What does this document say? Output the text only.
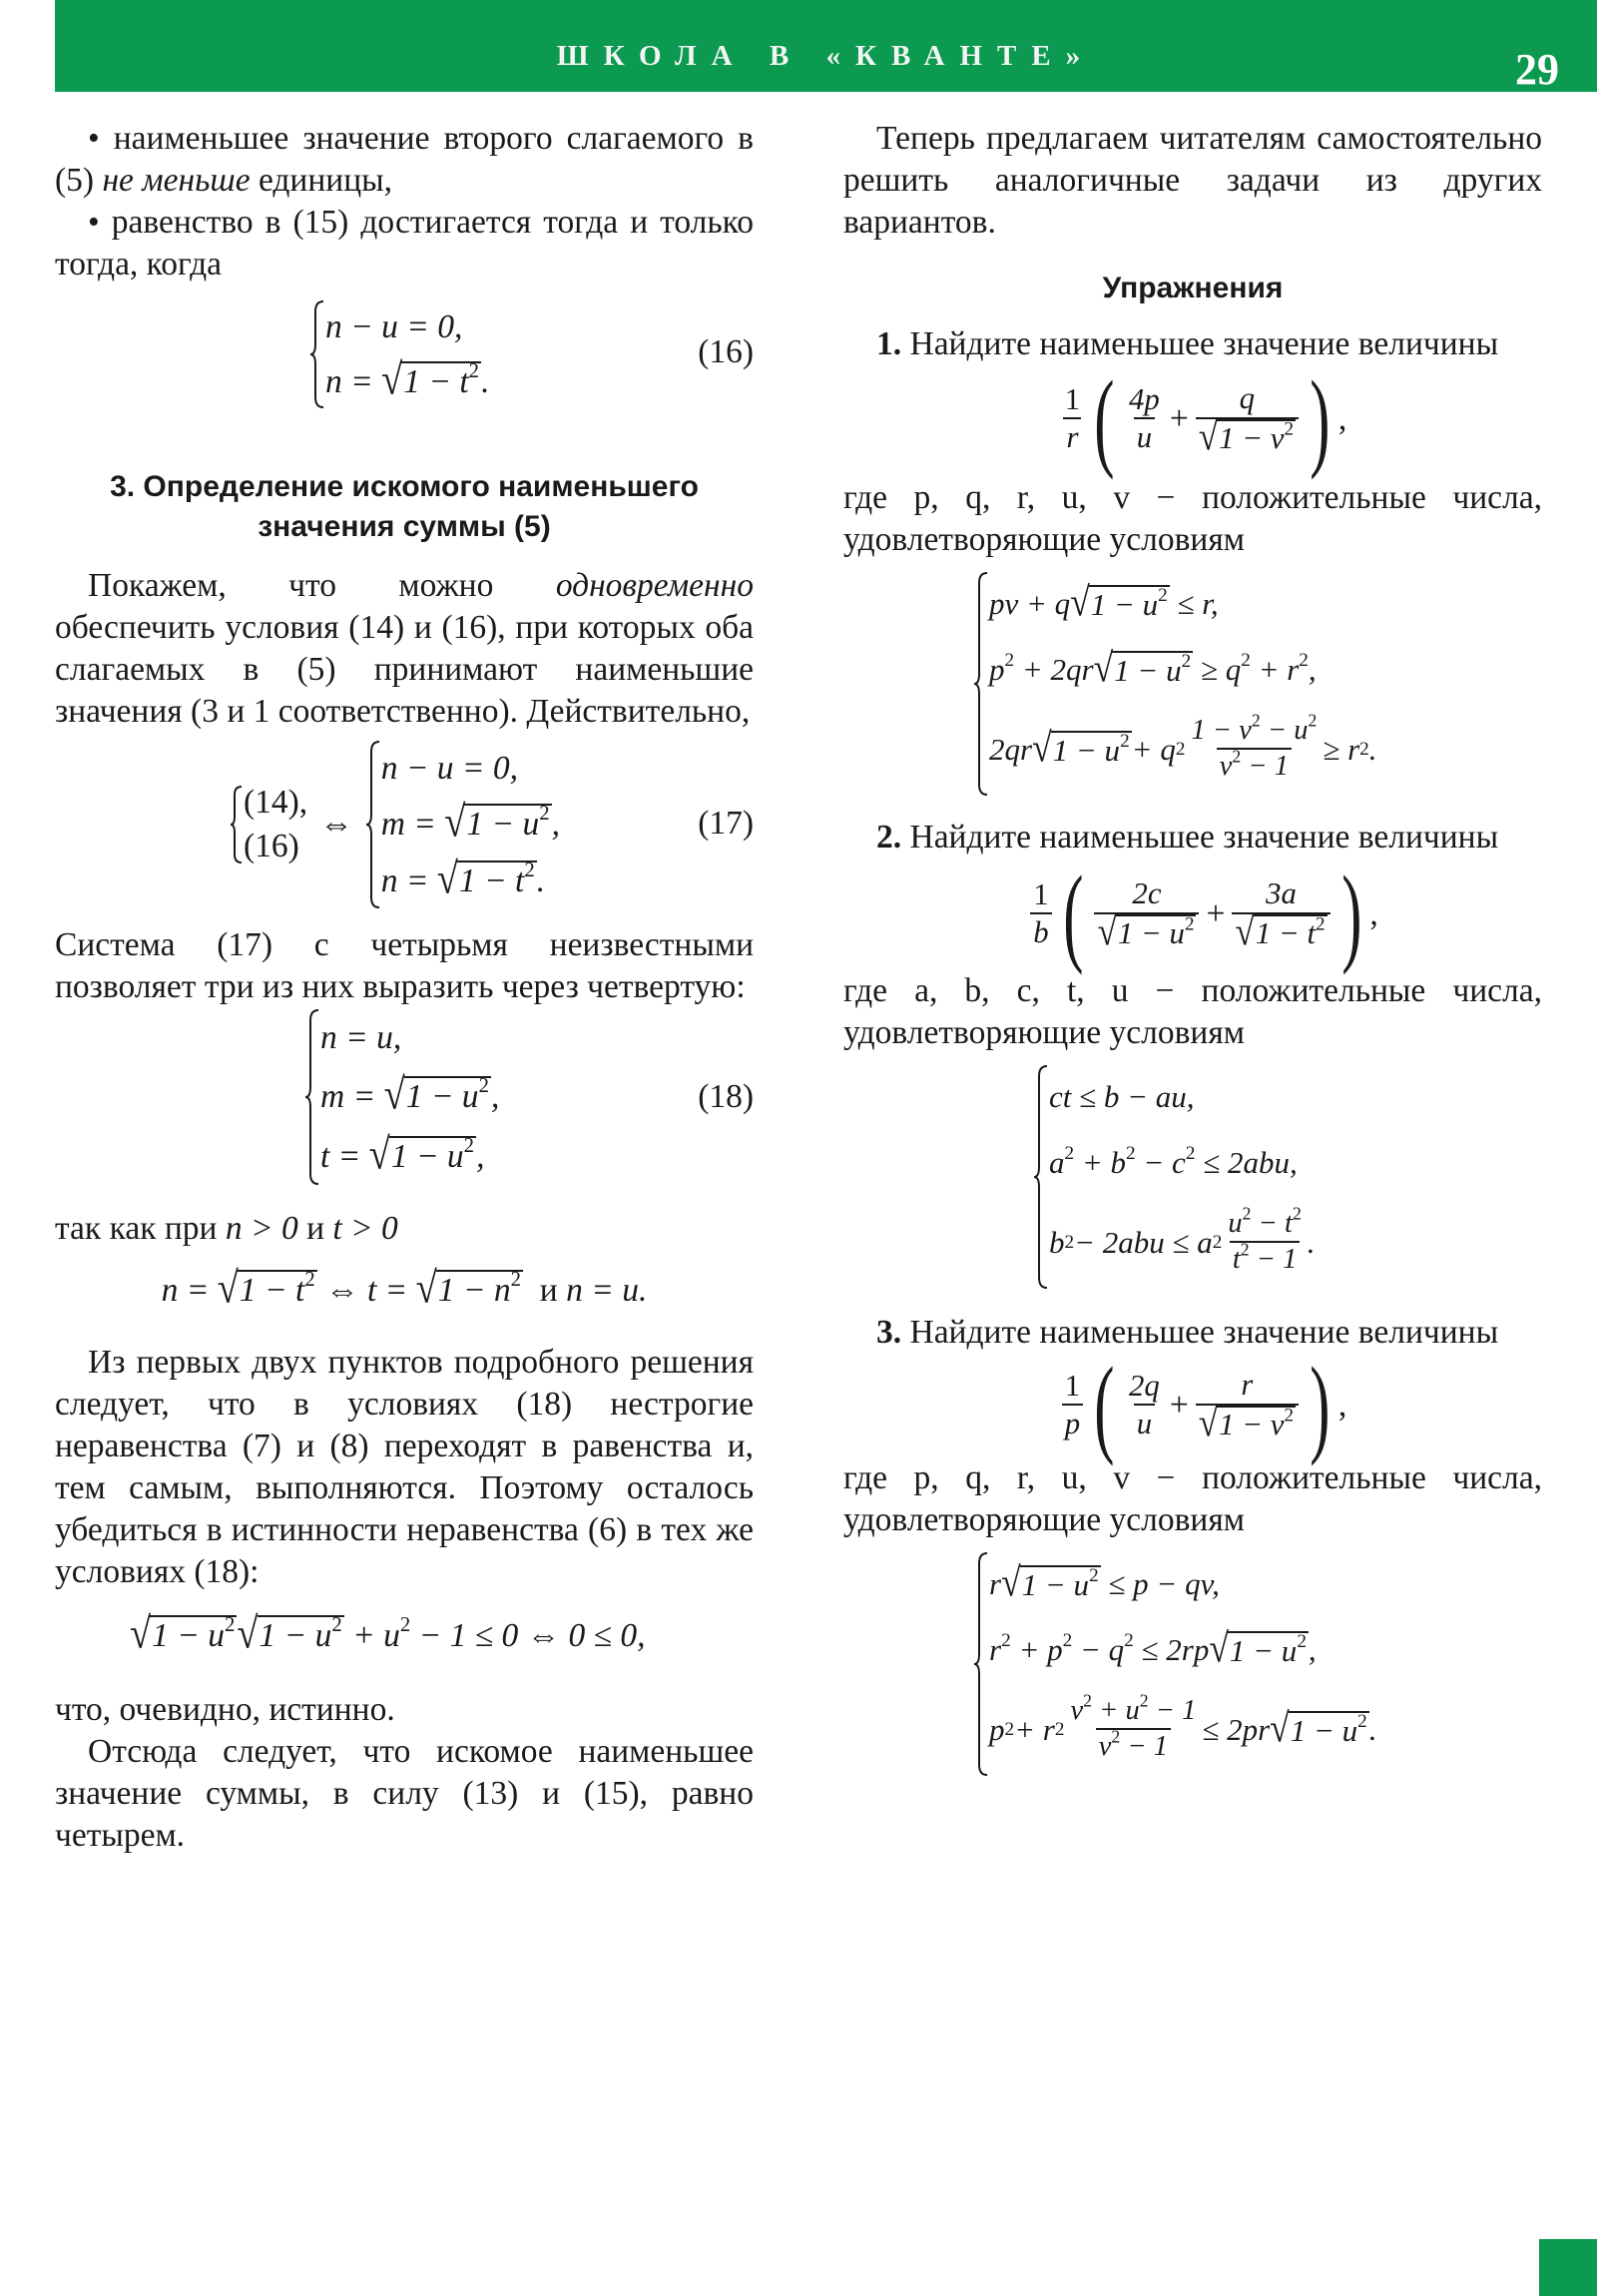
ШКОЛА В «КВАНТЕ»	29

• наименьшее значение второго слагаемого в (5) не меньше единицы,

• равенство в (15) достигается тогда и только тогда, когда

n − u = 0,
n = √ $1 - t^2$ .
(16)

3. Определение искомого наименьшего значения суммы (5)

Покажем, что можно одновременно обеспечить условия (14) и (16), при которых оба слагаемых в (5) принимают наименьшие значения (3 и 1 соответственно). Действительно,

(14),
(16)
⇔
n − u = 0,
m = √ $1 - u^2$ ,
n = √ $1 - t^2$ .
(17)

Система (17) с четырьмя неизвестными позволяет три из них выразить через четвертую:

n = u,
m = √ $1 - u^2$ ,
t = √ $1 - u^2$ ,
(18)

так как при n > 0 и t > 0

n = √ $1 - t^2$ ⇔ t = √ $1 - n^2$ и n = u.

Из первых двух пунктов подробного решения следует, что в условиях (18) нестрогие неравенства (7) и (8) переходят в равенства и, тем самым, выполняются. Поэтому осталось убедиться в истинности неравенства (6) в тех же условиях (18):

√ $1 - u^2$ √ $1 - u^2 + u^2 - 1 \le 0$ ⇔ 0 ≤ 0,

что, очевидно, истинно.

Отсюда следует, что искомое наименьшее значение суммы, в силу (13) и (15), равно четырем.

Теперь предлагаем читателям самостоятельно решить аналогичные задачи из других вариантов.

Упражнения

1. Найдите наименьшее значение величины

$\frac{1}{r}$ ( $\frac{4p}{u} + \frac{q}{√ 1 - v^2}$ ) ,

где p, q, r, u, v − положительные числа, удовлетворяющие условиям

pv + q √ $1 - u^2 \le r$,
$p^2 + 2qr$ √ $1 - u^2 \ge q^2 + r^2$,
2qr √ $1 - u^2 + q$ $2 \frac{1 - v^2 - u^2}{v^2 - 1} \ge r$ 2 .

2. Найдите наименьшее значение величины

$\frac{1}{b}$ ( $\frac{2c}{√ 1 - u^2} + \frac{3a}{√ 1 - t^2}$ ) ,

где a, b, c, t, u − положительные числа, удовлетворяющие условиям

ct ≤ b − au,
$a^2 + b^2 - c^2 \le 2abu$,
b 2 − 2abu ≤ a $2 \frac{u^2 - t^2}{t^2 - 1}$ .

3. Найдите наименьшее значение величины

$\frac{1}{p}$ ( $\frac{2q}{u} + \frac{r}{√ 1 - v^2}$ ) ,

где p, q, r, u, v − положительные числа, удовлетворяющие условиям

r √ $1 - u^2 \le p$ − qv,
$r^2 + p^2 - q^2 \le 2rp$ √ $1 - u^2$ ,
p 2 + r $2 \frac{v^2 + u^2 - 1}{v^2 - 1} \le 2pr$ √ $1 - u^2$ .
